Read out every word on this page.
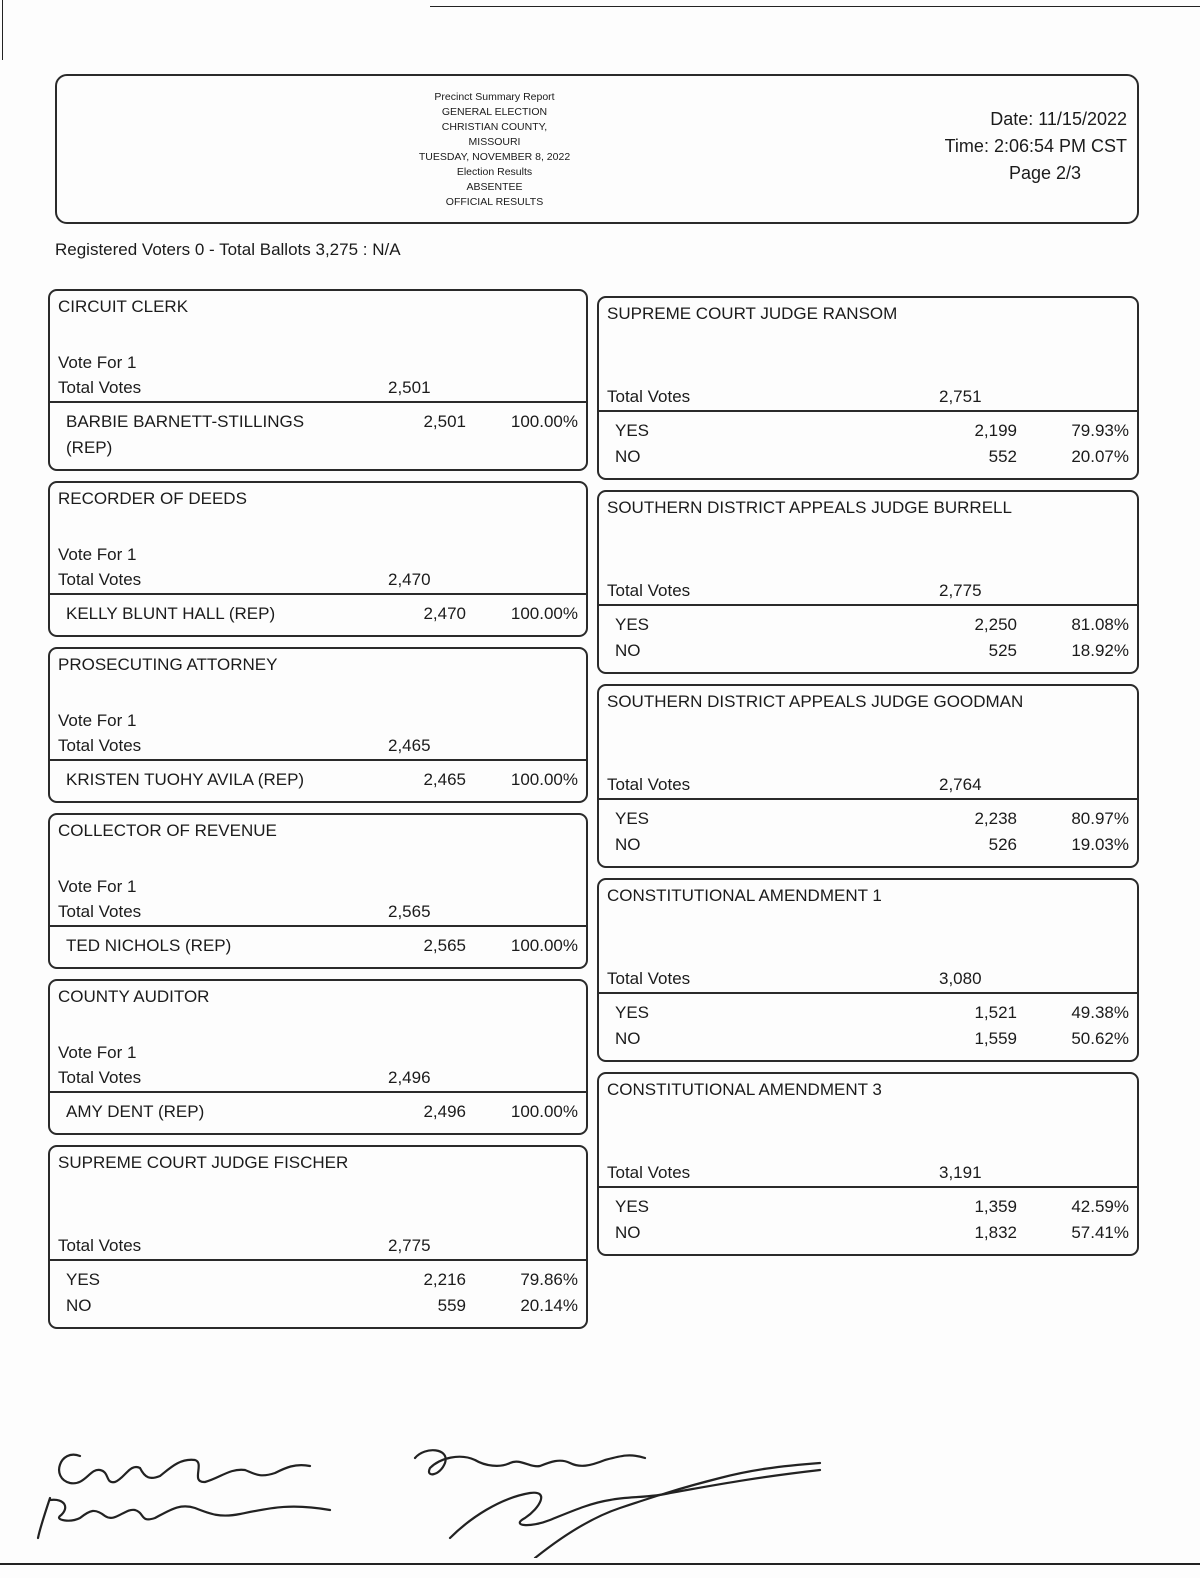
Precinct Summary Report
GENERAL ELECTION
CHRISTIAN COUNTY, MISSOURI
TUESDAY, NOVEMBER 8, 2022
Election Results
ABSENTEE
OFFICIAL RESULTS
Date: 11/15/2022
Time: 2:06:54 PM CST
Page 2/3
Registered Voters 0 - Total Ballots 3,275 : N/A
CIRCUIT CLERK
Vote For 1
Total Votes	2,501
BARBIE BARNETT-STILLINGS	2,501	100.00%
(REP)
RECORDER OF DEEDS
Vote For 1
Total Votes	2,470
KELLY BLUNT HALL (REP)	2,470	100.00%
PROSECUTING ATTORNEY
Vote For 1
Total Votes	2,465
KRISTEN TUOHY AVILA (REP)	2,465	100.00%
COLLECTOR OF REVENUE
Vote For 1
Total Votes	2,565
TED NICHOLS (REP)	2,565	100.00%
COUNTY AUDITOR
Vote For 1
Total Votes	2,496
AMY DENT (REP)	2,496	100.00%
SUPREME COURT JUDGE FISCHER
Total Votes	2,775
YES	2,216	79.86%
NO	559	20.14%
SUPREME COURT JUDGE RANSOM
Total Votes	2,751
YES	2,199	79.93%
NO	552	20.07%
SOUTHERN DISTRICT APPEALS JUDGE BURRELL
Total Votes	2,775
YES	2,250	81.08%
NO	525	18.92%
SOUTHERN DISTRICT APPEALS JUDGE GOODMAN
Total Votes	2,764
YES	2,238	80.97%
NO	526	19.03%
CONSTITUTIONAL AMENDMENT 1
Total Votes	3,080
YES	1,521	49.38%
NO	1,559	50.62%
CONSTITUTIONAL AMENDMENT 3
Total Votes	3,191
YES	1,359	42.59%
NO	1,832	57.41%
